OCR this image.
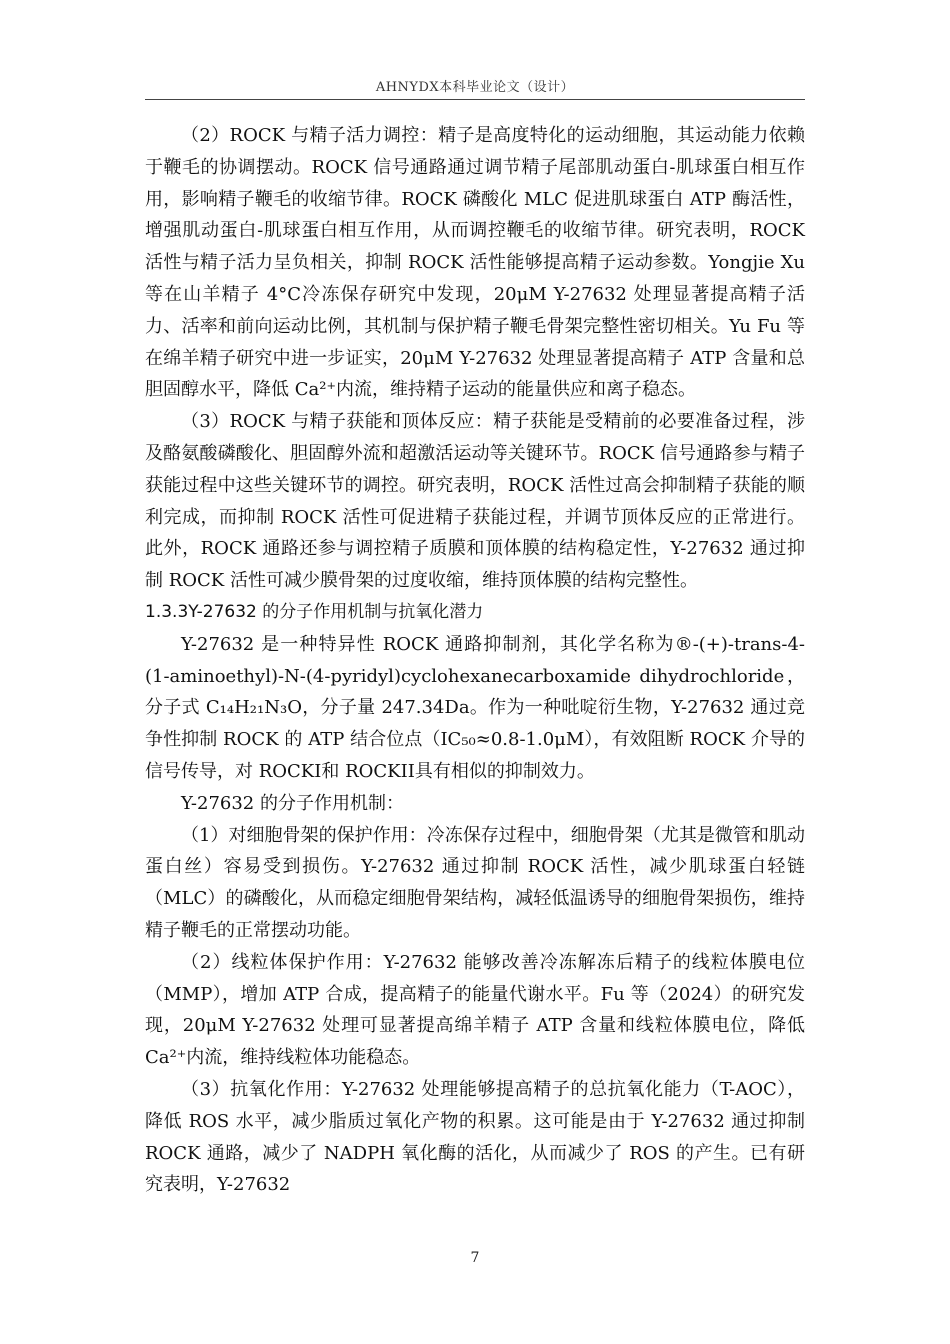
AHNYDX本科毕业论文（设计）

（2）ROCK 与精子活力调控：精子是高度特化的运动细胞，其运动能力依赖于鞭毛的协调摆动。ROCK 信号通路通过调节精子尾部肌动蛋白-肌球蛋白相互作用，影响精子鞭毛的收缩节律。ROCK 磷酸化 MLC 促进肌球蛋白 ATP 酶活性，增强肌动蛋白-肌球蛋白相互作用，从而调控鞭毛的收缩节律。研究表明，ROCK 活性与精子活力呈负相关，抑制 ROCK 活性能够提高精子运动参数。Yongjie Xu 等在山羊精子 4°C冷冻保存研究中发现，20μM Y-27632 处理显著提高精子活力、活率和前向运动比例，其机制与保护精子鞭毛骨架完整性密切相关。Yu Fu 等在绵羊精子研究中进一步证实，20μM Y-27632 处理显著提高精子 ATP 含量和总胆固醇水平，降低 Ca²⁺内流，维持精子运动的能量供应和离子稳态。

（3）ROCK 与精子获能和顶体反应：精子获能是受精前的必要准备过程，涉及酪氨酸磷酸化、胆固醇外流和超激活运动等关键环节。ROCK 信号通路参与精子获能过程中这些关键环节的调控。研究表明，ROCK 活性过高会抑制精子获能的顺利完成，而抑制 ROCK 活性可促进精子获能过程，并调节顶体反应的正常进行。此外，ROCK 通路还参与调控精子质膜和顶体膜的结构稳定性，Y-27632 通过抑制 ROCK 活性可减少膜骨架的过度收缩，维持顶体膜的结构完整性。

1.3.3Y-27632 的分子作用机制与抗氧化潜力

Y-27632 是一种特异性 ROCK 通路抑制剂，其化学名称为®-(+)-trans-4-(1-aminoethyl)-N-(4-pyridyl)cyclohexanecarboxamide dihydrochloride，分子式 C₁₄H₂₁N₃O，分子量 247.34Da。作为一种吡啶衍生物，Y-27632 通过竞争性抑制 ROCK 的 ATP 结合位点（IC₅₀≈0.8-1.0μM），有效阻断 ROCK 介导的信号传导，对 ROCKI和 ROCKII具有相似的抑制效力。

Y-27632 的分子作用机制：

（1）对细胞骨架的保护作用：冷冻保存过程中，细胞骨架（尤其是微管和肌动蛋白丝）容易受到损伤。Y-27632 通过抑制 ROCK 活性，减少肌球蛋白轻链（MLC）的磷酸化，从而稳定细胞骨架结构，减轻低温诱导的细胞骨架损伤，维持精子鞭毛的正常摆动功能。

（2）线粒体保护作用：Y-27632 能够改善冷冻解冻后精子的线粒体膜电位（MMP），增加 ATP 合成，提高精子的能量代谢水平。Fu 等（2024）的研究发现，20μM Y-27632 处理可显著提高绵羊精子 ATP 含量和线粒体膜电位，降低 Ca²⁺内流，维持线粒体功能稳态。

（3）抗氧化作用：Y-27632 处理能够提高精子的总抗氧化能力（T-AOC），降低 ROS 水平，减少脂质过氧化产物的积累。这可能是由于 Y-27632 通过抑制 ROCK 通路，减少了 NADPH 氧化酶的活化，从而减少了 ROS 的产生。已有研究表明，Y-27632

7
